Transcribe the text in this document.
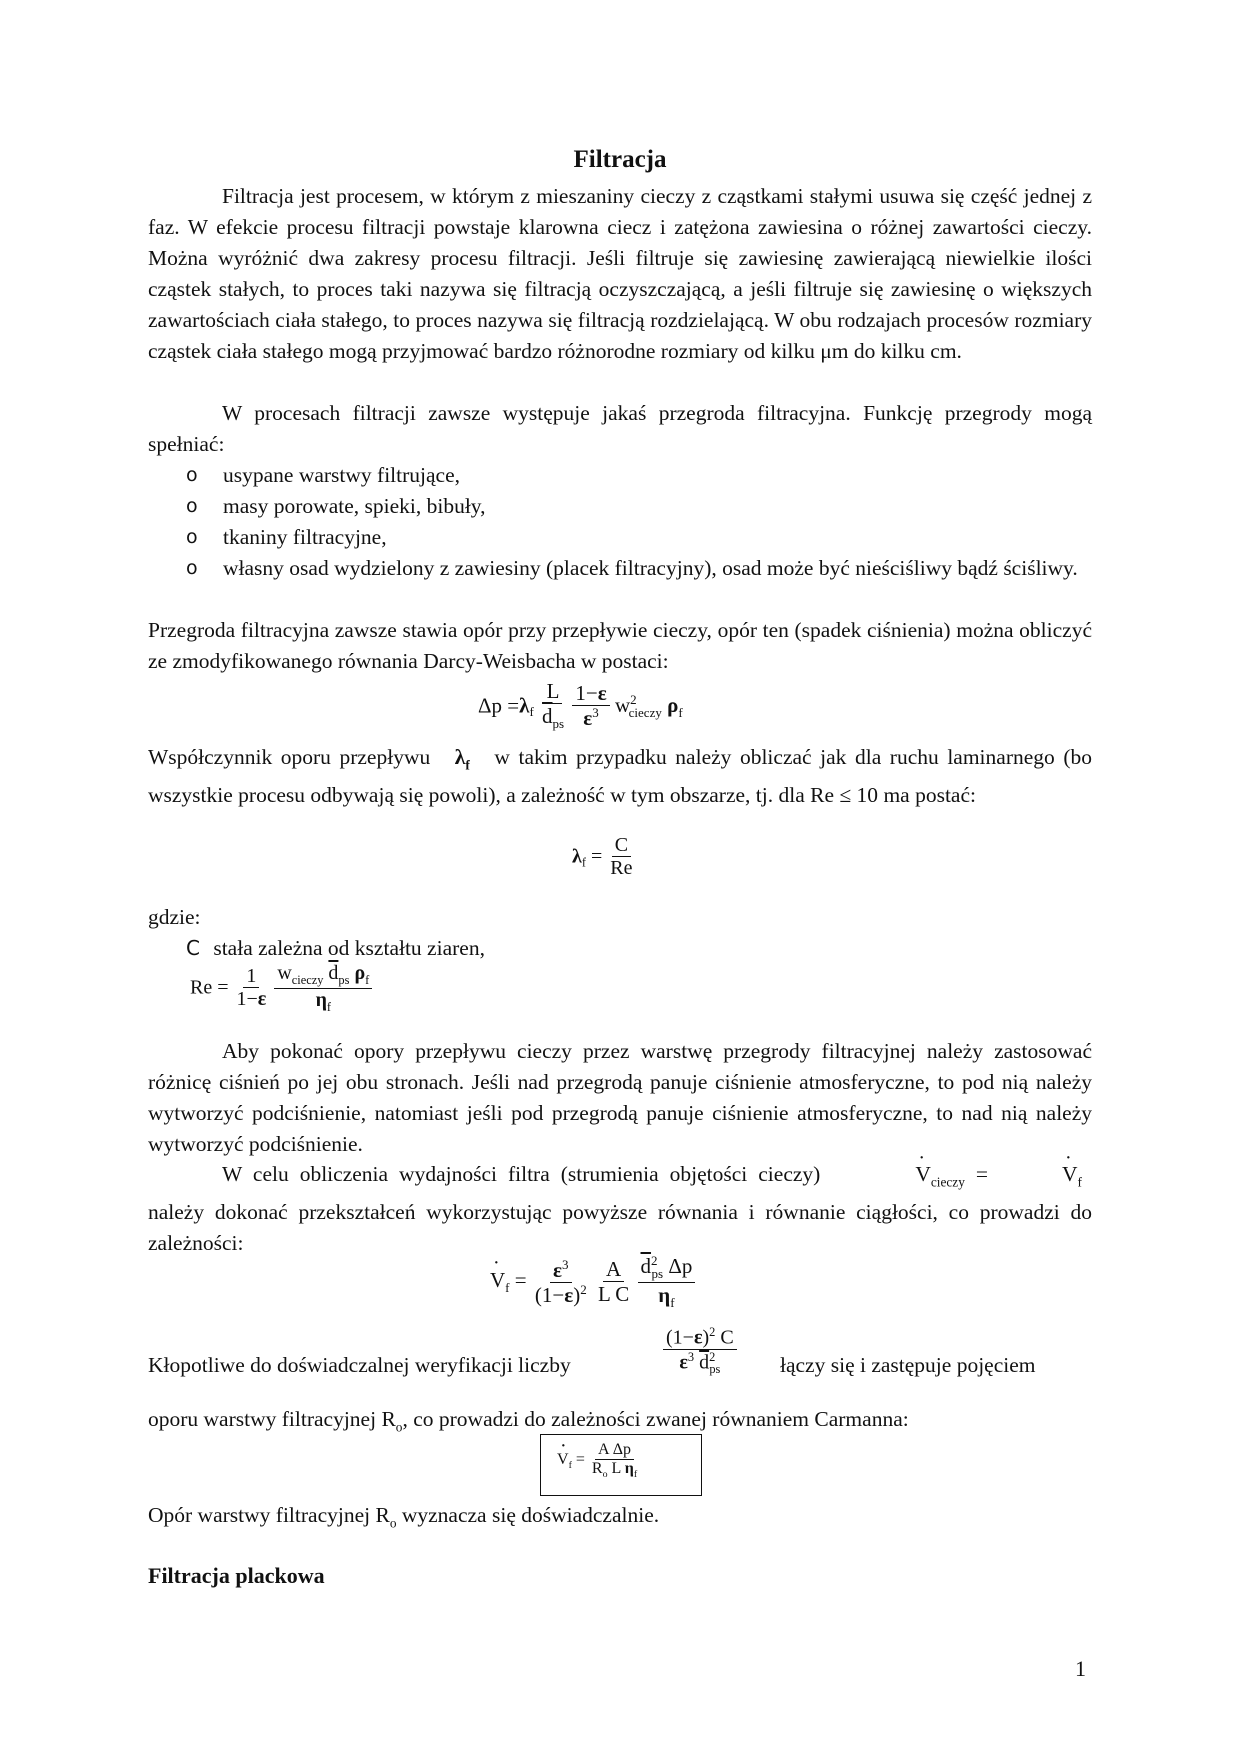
Filtracja

Filtracja jest procesem, w którym z mieszaniny cieczy z cząstkami stałymi usuwa się część jednej z faz. W efekcie procesu filtracji powstaje klarowna ciecz i zatężona zawiesina o różnej zawartości cieczy. Można wyróżnić dwa zakresy procesu filtracji. Jeśli filtruje się zawiesinę zawierającą niewielkie ilości cząstek stałych, to proces taki nazywa się filtracją oczyszczającą, a jeśli filtruje się zawiesinę o większych zawartościach ciała stałego, to proces nazywa się filtracją rozdzielającą. W obu rodzajach procesów rozmiary cząstek ciała stałego mogą przyjmować bardzo różnorodne rozmiary od kilku μm do kilku cm.

W procesach filtracji zawsze występuje jakaś przegroda filtracyjna. Funkcję przegrody mogą spełniać:

o usypane warstwy filtrujące,
o masy porowate, spieki, bibuły,
o tkaniny filtracyjne,
o własny osad wydzielony z zawiesiny (placek filtracyjny), osad może być nieściśliwy bądź ściśliwy.

Przegroda filtracyjna zawsze stawia opór przy przepływie cieczy, opór ten (spadek ciśnienia) można obliczyć ze zmodyfikowanego równania Darcy-Weisbacha w postaci:

$\Delta p =\lambda_f \frac{L}{\overline{d}_{ps}}$
$\frac{1-\varepsilon}{\varepsilon^3} w^2_{cieczy}$ $\rho_f$

Współczynnik oporu przepływu $\lambda_f$ w takim przypadku należy obliczać jak dla ruchu laminarnego (bo wszystkie procesu odbywają się powoli), a zależność w tym obszarze, tj. dla Re ≤ 10 ma postać:

$\lambda_f = \frac{C}{Re}$

gdzie:

C stała zależna od kształtu ziaren,
$Re = \frac{1}{1-\varepsilon}$
$\frac{w_{cieczy} \overline{d}_{ps} \rho_f}{\eta_f}$

Aby pokonać opory przepływu cieczy przez warstwę przegrody filtracyjnej należy zastosować różnicę ciśnień po jej obu stronach. Jeśli nad przegrodą panuje ciśnienie atmosferyczne, to pod nią należy wytworzyć podciśnienie, natomiast jeśli pod przegrodą panuje ciśnienie atmosferyczne, to nad nią należy wytworzyć podciśnienie.

W celu obliczenia wydajności filtra (strumienia objętości cieczy)	· $V_{cieczy}$ =	· $V_f$ należy dokonać przekształceń wykorzystując powyższe równania i równanie ciągłości, co prowadzi do zależności:

· $V_f = \frac{\varepsilon^3}{(1-\varepsilon)^2}$
$\frac{A}{\text{L C}}$
$\frac{\overline{d}^2_{ps} \Delta p}{\eta_f}$
Kłopotliwe do doświadczalnej weryfikacji liczby	$\frac{(1-\varepsilon)^2 C}{\varepsilon^3 \overline{d}^2_{ps}}$ łączy się i zastępuje pojęciem

oporu warstwy filtracyjnej $R_o$, co prowadzi do zależności zwanej równaniem Carmanna:

· $V_f = \frac{\text{A Δp}}{R_o L \eta_f}$

Opór warstwy filtracyjnej $R_o$ wyznacza się doświadczalnie.

Filtracja plackowa
1
